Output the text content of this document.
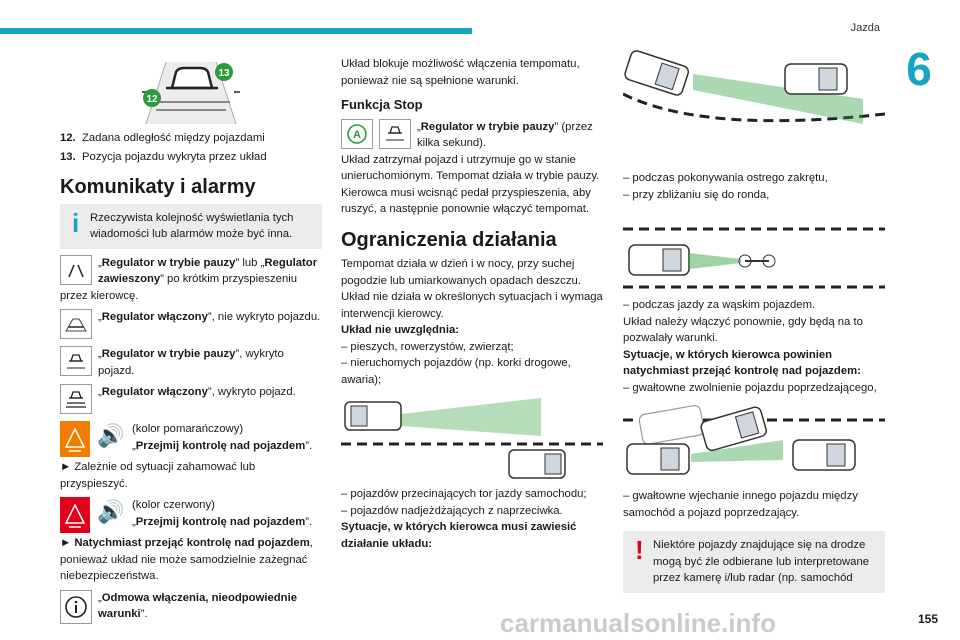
Jazda
6
13
12
12. Zadana odległość między pojazdami
13. Pozycja pojazdu wykryta przez układ
Komunikaty i alarmy
i Rzeczywista kolejność wyświetlania tych wiadomości lub alarmów może być inna.
„Regulator w trybie pauzy” lub „Regulator zawieszony” po krótkim przyspieszeniu przez kierowcę.
„Regulator włączony”, nie wykryto pojazdu.
„Regulator w trybie pauzy”, wykryto pojazd.
„Regulator włączony”, wykryto pojazd.
🔊 (kolor pomarańczowy)
„Przejmij kontrolę nad pojazdem”.

► Zależnie od sytuacji zahamować lub przyspieszyć.

🔊 (kolor czerwony)
„Przejmij kontrolę nad pojazdem”.

► Natychmiast przejąć kontrolę nad pojazdem, ponieważ układ nie może samodzielnie zażegnać niebezpieczeństwa.

„Odmowa włączenia, nieodpowiednie warunki”.

Układ blokuje możliwość włączenia tempomatu, ponieważ nie są spełnione warunki.

Funkcja Stop
A
„Regulator w trybie pauzy” (przez kilka sekund).

Układ zatrzymał pojazd i utrzymuje go w stanie unieruchomionym. Tempomat działa w trybie pauzy. Kierowca musi wcisnąć pedał przyspieszenia, aby ruszyć, a następnie ponownie włączyć tempomat.

Ograniczenia działania

Tempomat działa w dzień i w nocy, przy suchej pogodzie lub umiarkowanych opadach deszczu. Układ nie działa w określonych sytuacjach i wymaga interwencji kierowcy.

Układ nie uwzględnia:

– pieszych, rowerzystów, zwierząt;

– nieruchomych pojazdów (np. korki drogowe, awaria);

– pojazdów przecinających tor jazdy samochodu;

– pojazdów nadjeżdżających z naprzeciwka.

Sytuacje, w których kierowca musi zawiesić działanie układu:

– podczas pokonywania ostrego zakrętu,

– przy zbliżaniu się do ronda,

– podczas jazdy za wąskim pojazdem.

Układ należy włączyć ponownie, gdy będą na to pozwalały warunki.

Sytuacje, w których kierowca powinien natychmiast przejąć kontrolę nad pojazdem:

– gwałtowne zwolnienie pojazdu poprzedzającego,

– gwałtowne wjechanie innego pojazdu między samochód a pojazd poprzedzający.

! Niektóre pojazdy znajdujące się na drodze mogą być źle odbierane lub interpretowane przez kamerę i/lub radar (np. samochód
155
carmanualsonline.info
